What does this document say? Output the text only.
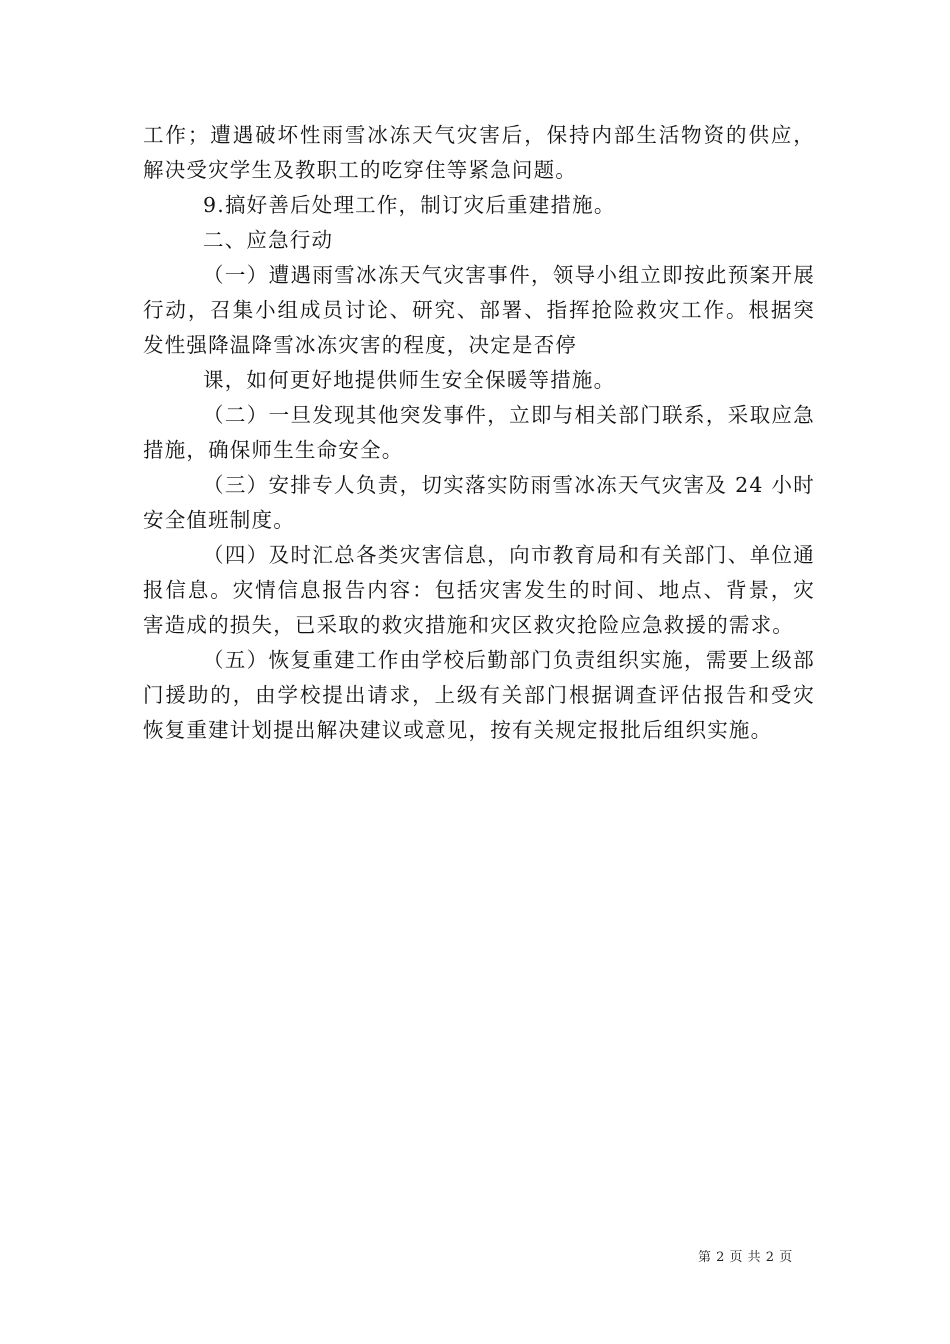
工作；遭遇破坏性雨雪冰冻天气灾害后，保持内部生活物资的供应，解决受灾学生及教职工的吃穿住等紧急问题。

9.搞好善后处理工作，制订灾后重建措施。

二、应急行动

（一）遭遇雨雪冰冻天气灾害事件，领导小组立即按此预案开展行动，召集小组成员讨论、研究、部署、指挥抢险救灾工作。根据突发性强降温降雪冰冻灾害的程度，决定是否停

课，如何更好地提供师生安全保暖等措施。

（二）一旦发现其他突发事件，立即与相关部门联系，采取应急措施，确保师生生命安全。

（三）安排专人负责，切实落实防雨雪冰冻天气灾害及 24 小时安全值班制度。

（四）及时汇总各类灾害信息，向市教育局和有关部门、单位通报信息。灾情信息报告内容：包括灾害发生的时间、地点、背景，灾害造成的损失，已采取的救灾措施和灾区救灾抢险应急救援的需求。

（五）恢复重建工作由学校后勤部门负责组织实施，需要上级部门援助的，由学校提出请求，上级有关部门根据调查评估报告和受灾恢复重建计划提出解决建议或意见，按有关规定报批后组织实施。

第 2 页 共 2 页
